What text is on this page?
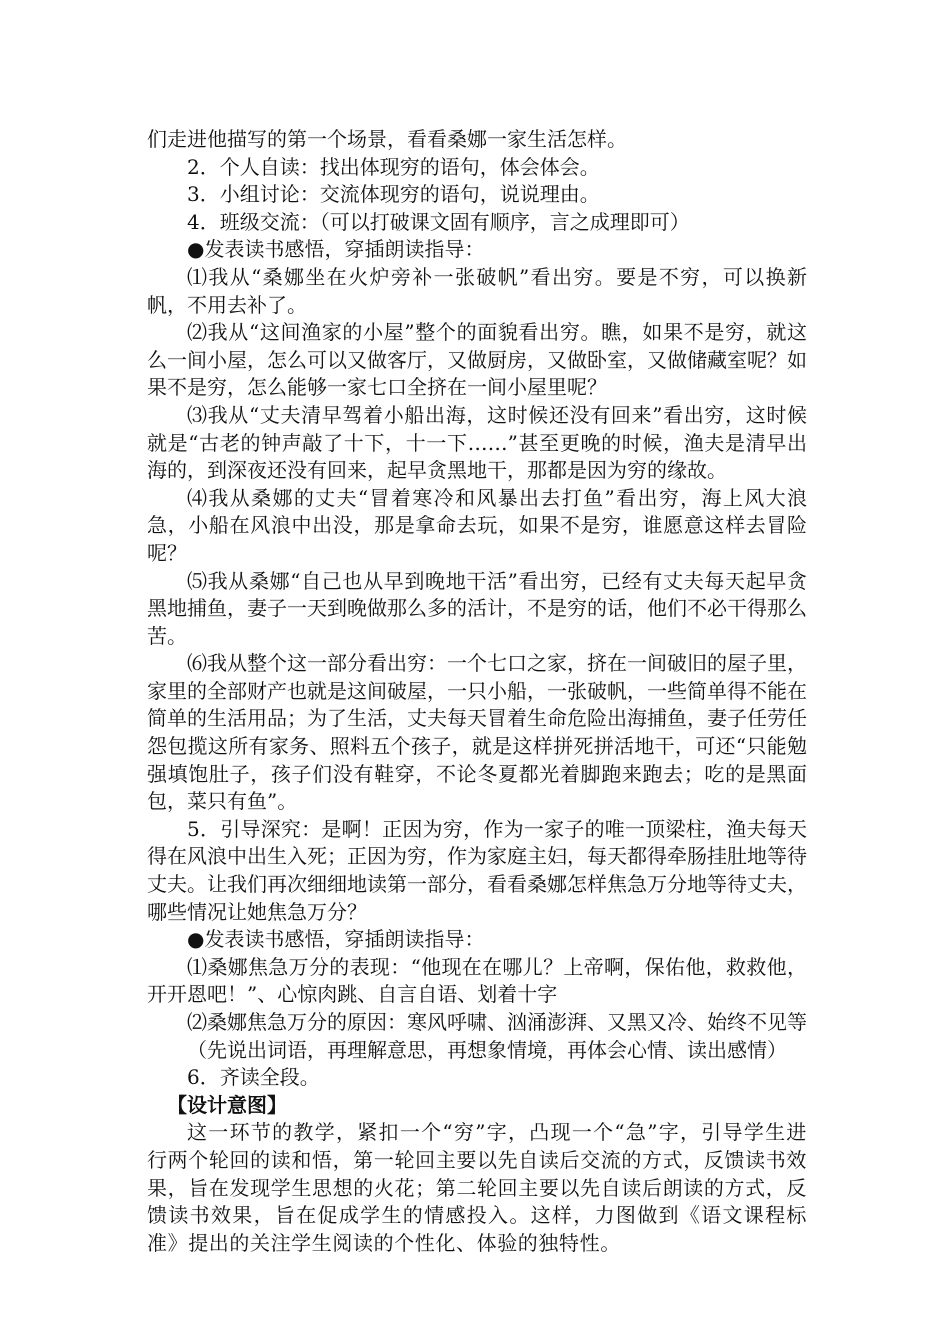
们走进他描写的第一个场景，看看桑娜一家生活怎样。

2．个人自读：找出体现穷的语句，体会体会。

3．小组讨论：交流体现穷的语句，说说理由。

4．班级交流：（可以打破课文固有顺序，言之成理即可）

●发表读书感悟，穿插朗读指导：

⑴我从“桑娜坐在火炉旁补一张破帆”看出穷。要是不穷，可以换新帆，不用去补了。

⑵我从“这间渔家的小屋”整个的面貌看出穷。瞧，如果不是穷，就这么一间小屋，怎么可以又做客厅，又做厨房，又做卧室，又做储藏室呢？如果不是穷，怎么能够一家七口全挤在一间小屋里呢？

⑶我从“丈夫清早驾着小船出海，这时候还没有回来”看出穷，这时候就是“古老的钟声敲了十下，十一下……”甚至更晚的时候，渔夫是清早出海的，到深夜还没有回来，起早贪黑地干，那都是因为穷的缘故。

⑷我从桑娜的丈夫“冒着寒冷和风暴出去打鱼”看出穷，海上风大浪急，小船在风浪中出没，那是拿命去玩，如果不是穷，谁愿意这样去冒险呢？

⑸我从桑娜“自己也从早到晚地干活”看出穷，已经有丈夫每天起早贪黑地捕鱼，妻子一天到晚做那么多的活计，不是穷的话，他们不必干得那么苦。

⑹我从整个这一部分看出穷：一个七口之家，挤在一间破旧的屋子里，家里的全部财产也就是这间破屋，一只小船，一张破帆，一些简单得不能在简单的生活用品；为了生活，丈夫每天冒着生命危险出海捕鱼，妻子任劳任怨包揽这所有家务、照料五个孩子，就是这样拼死拼活地干，可还“只能勉强填饱肚子，孩子们没有鞋穿，不论冬夏都光着脚跑来跑去；吃的是黑面包，菜只有鱼”。

5．引导深究：是啊！正因为穷，作为一家子的唯一顶梁柱，渔夫每天得在风浪中出生入死；正因为穷，作为家庭主妇，每天都得牵肠挂肚地等待丈夫。让我们再次细细地读第一部分，看看桑娜怎样焦急万分地等待丈夫，哪些情况让她焦急万分？

●发表读书感悟，穿插朗读指导：

⑴桑娜焦急万分的表现：“他现在在哪儿？上帝啊，保佑他，救救他，开开恩吧！”、心惊肉跳、自言自语、划着十字

⑵桑娜焦急万分的原因：寒风呼啸、汹涌澎湃、又黑又冷、始终不见等

（先说出词语，再理解意思，再想象情境，再体会心情、读出感情）

6．齐读全段。

【设计意图】

这一环节的教学，紧扣一个“穷”字，凸现一个“急”字，引导学生进行两个轮回的读和悟，第一轮回主要以先自读后交流的方式，反馈读书效果，旨在发现学生思想的火花；第二轮回主要以先自读后朗读的方式，反馈读书效果，旨在促成学生的情感投入。这样，力图做到《语文课程标准》提出的关注学生阅读的个性化、体验的独特性。
